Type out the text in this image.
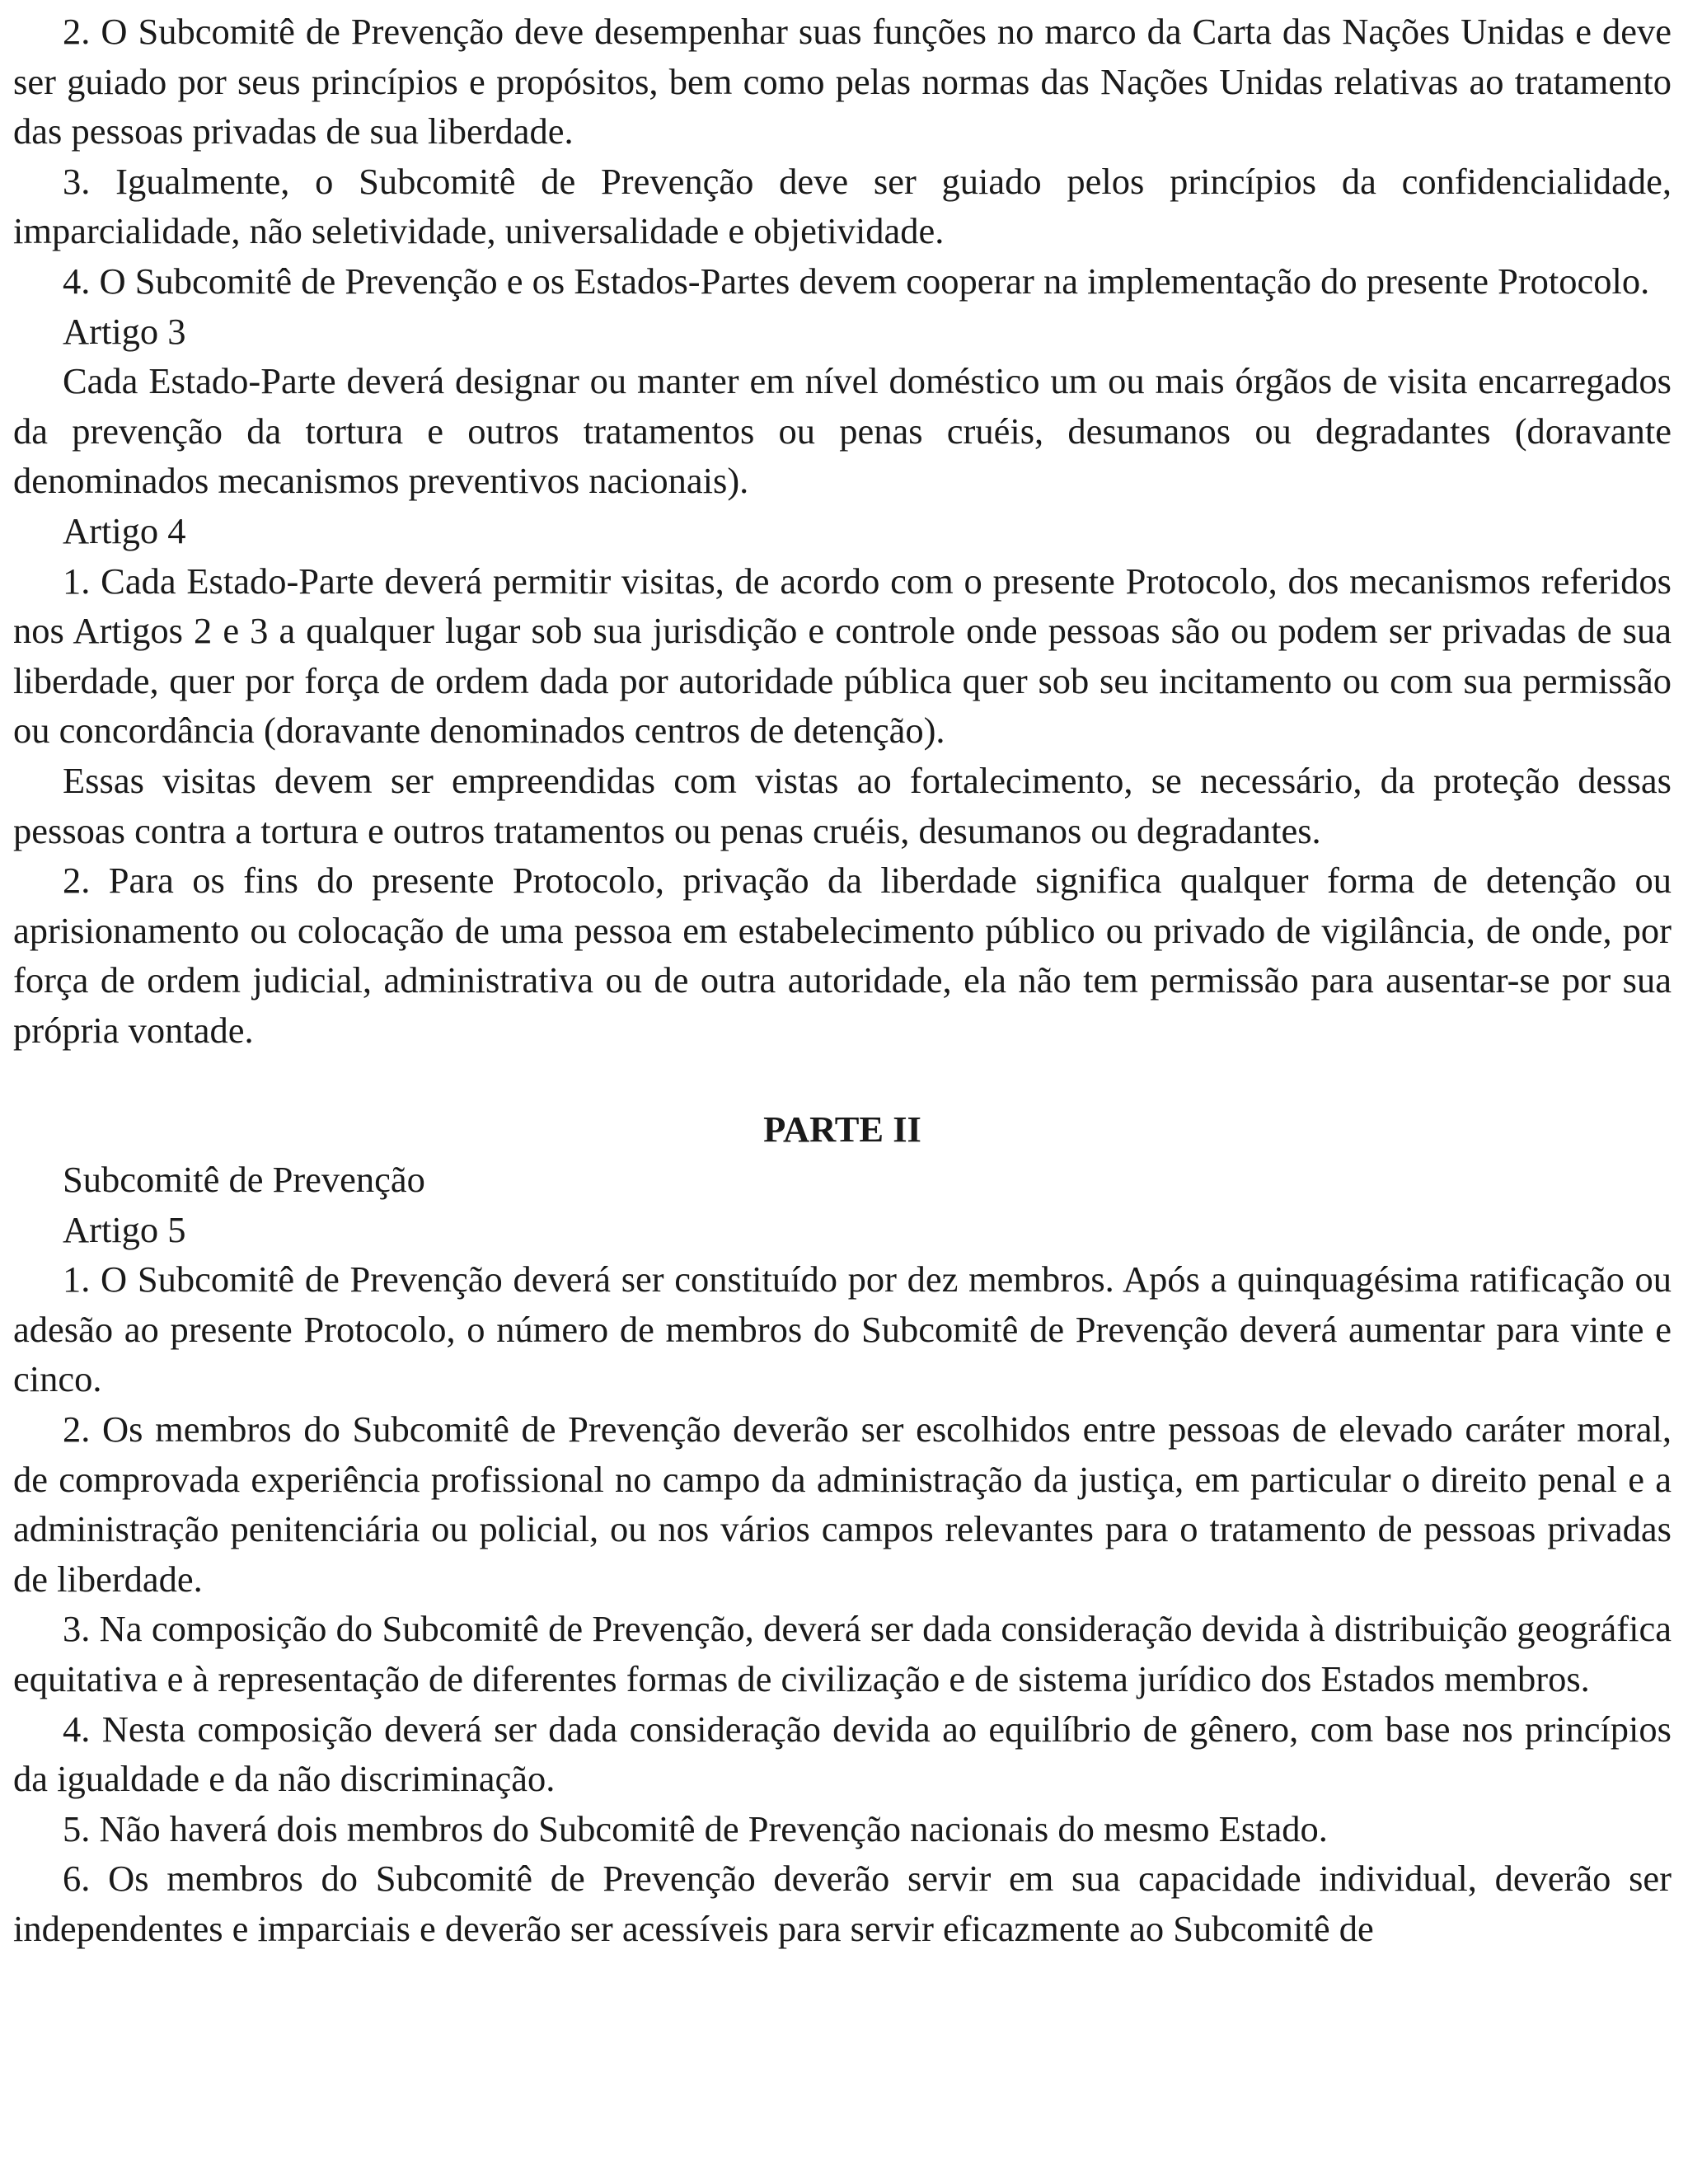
2. O Subcomitê de Prevenção deve desempenhar suas funções no marco da Carta das Nações Unidas e deve ser guiado por seus princípios e propósitos, bem como pelas normas das Nações Unidas relativas ao tratamento das pessoas privadas de sua liberdade.

3. Igualmente, o Subcomitê de Prevenção deve ser guiado pelos princípios da confidencialidade, imparcialidade, não seletividade, universalidade e objetividade.

4. O Subcomitê de Prevenção e os Estados-Partes devem cooperar na implementação do presente Protocolo.

Artigo 3

Cada Estado-Parte deverá designar ou manter em nível doméstico um ou mais órgãos de visita encarregados da prevenção da tortura e outros tratamentos ou penas cruéis, desumanos ou degradantes (doravante denominados mecanismos preventivos nacionais).

Artigo 4

1. Cada Estado-Parte deverá permitir visitas, de acordo com o presente Protocolo, dos mecanismos referidos nos Artigos 2 e 3 a qualquer lugar sob sua jurisdição e controle onde pessoas são ou podem ser privadas de sua liberdade, quer por força de ordem dada por autoridade pública quer sob seu incitamento ou com sua permissão ou concordância (doravante denominados centros de detenção).

Essas visitas devem ser empreendidas com vistas ao fortalecimento, se necessário, da proteção dessas pessoas contra a tortura e outros tratamentos ou penas cruéis, desumanos ou degradantes.

2. Para os fins do presente Protocolo, privação da liberdade significa qualquer forma de detenção ou aprisionamento ou colocação de uma pessoa em estabelecimento público ou privado de vigilância, de onde, por força de ordem judicial, administrativa ou de outra autoridade, ela não tem permissão para ausentar-se por sua própria vontade.

PARTE II

Subcomitê de Prevenção

Artigo 5

1. O Subcomitê de Prevenção deverá ser constituído por dez membros. Após a quinquagésima ratificação ou adesão ao presente Protocolo, o número de membros do Subcomitê de Prevenção deverá aumentar para vinte e cinco.

2. Os membros do Subcomitê de Prevenção deverão ser escolhidos entre pessoas de elevado caráter moral, de comprovada experiência profissional no campo da administração da justiça, em particular o direito penal e a administração penitenciária ou policial, ou nos vários campos relevantes para o tratamento de pessoas privadas de liberdade.

3. Na composição do Subcomitê de Prevenção, deverá ser dada consideração devida à distribuição geográfica equitativa e à representação de diferentes formas de civilização e de sistema jurídico dos Estados membros.

4. Nesta composição deverá ser dada consideração devida ao equilíbrio de gênero, com base nos princípios da igualdade e da não discriminação.

5. Não haverá dois membros do Subcomitê de Prevenção nacionais do mesmo Estado.

6. Os membros do Subcomitê de Prevenção deverão servir em sua capacidade individual, deverão ser independentes e imparciais e deverão ser acessíveis para servir eficazmente ao Subcomitê de
